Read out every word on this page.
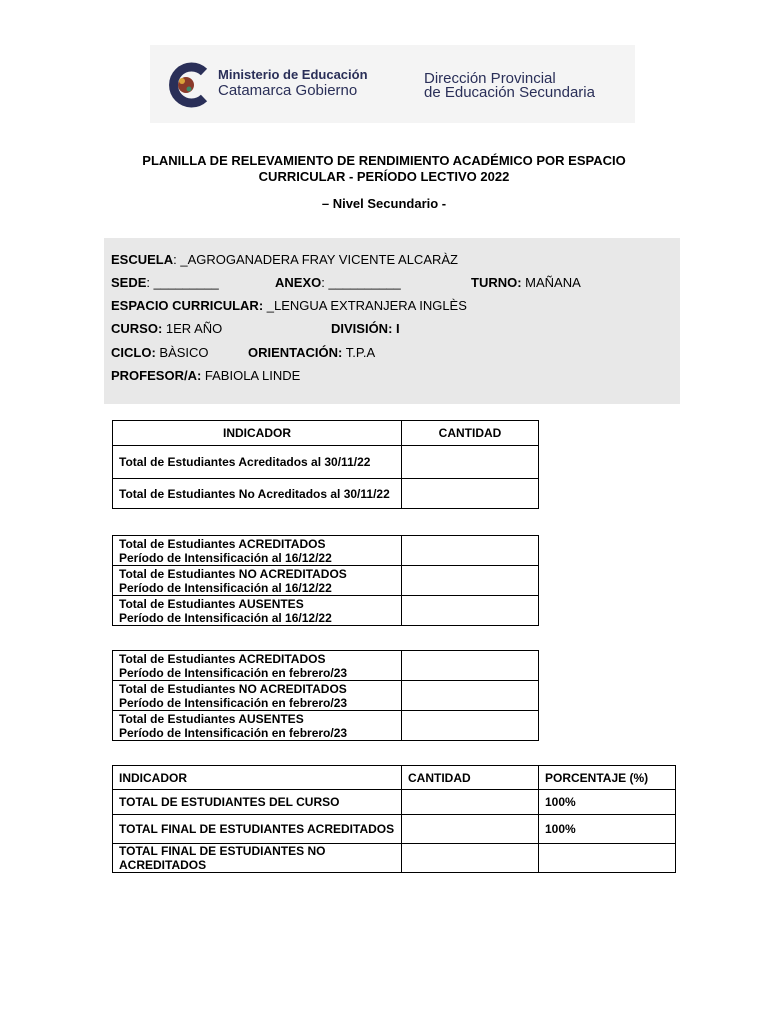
Ministerio de Educación
Catamarca Gobierno
Dirección Provincial
de Educación Secundaria
PLANILLA DE RELEVAMIENTO DE RENDIMIENTO ACADÉMICO POR ESPACIO
CURRICULAR - PERÍODO LECTIVO 2022
– Nivel Secundario -
ESCUELA: _AGROGANADERA FRAY VICENTE ALCARÀZ
SEDE: _________	ANEXO: __________	TURNO: MAÑANA
ESPACIO CURRICULAR: _LENGUA EXTRANJERA INGLÈS
CURSO: 1ER AÑO	DIVISIÓN: I
CICLO: BÀSICO	ORIENTACIÓN: T.P.A
PROFESOR/A: FABIOLA LINDE
INDICADOR	CANTIDAD
Total de Estudiantes Acreditados al 30/11/22	
Total de Estudiantes No Acreditados al 30/11/22	
Total de Estudiantes ACREDITADOS
Período de Intensificación al 16/12/22	

Total de Estudiantes NO ACREDITADOS
Período de Intensificación al 16/12/22	

Total de Estudiantes AUSENTES
Período de Intensificación al 16/12/22	

Total de Estudiantes ACREDITADOS
Período de Intensificación en febrero/23	

Total de Estudiantes NO ACREDITADOS
Período de Intensificación en febrero/23	

Total de Estudiantes AUSENTES
Período de Intensificación en febrero/23	

INDICADOR	CANTIDAD	PORCENTAJE (%)
TOTAL DE ESTUDIANTES DEL CURSO		100%
TOTAL FINAL DE ESTUDIANTES ACREDITADOS		100%
TOTAL FINAL DE ESTUDIANTES NO ACREDITADOS		
